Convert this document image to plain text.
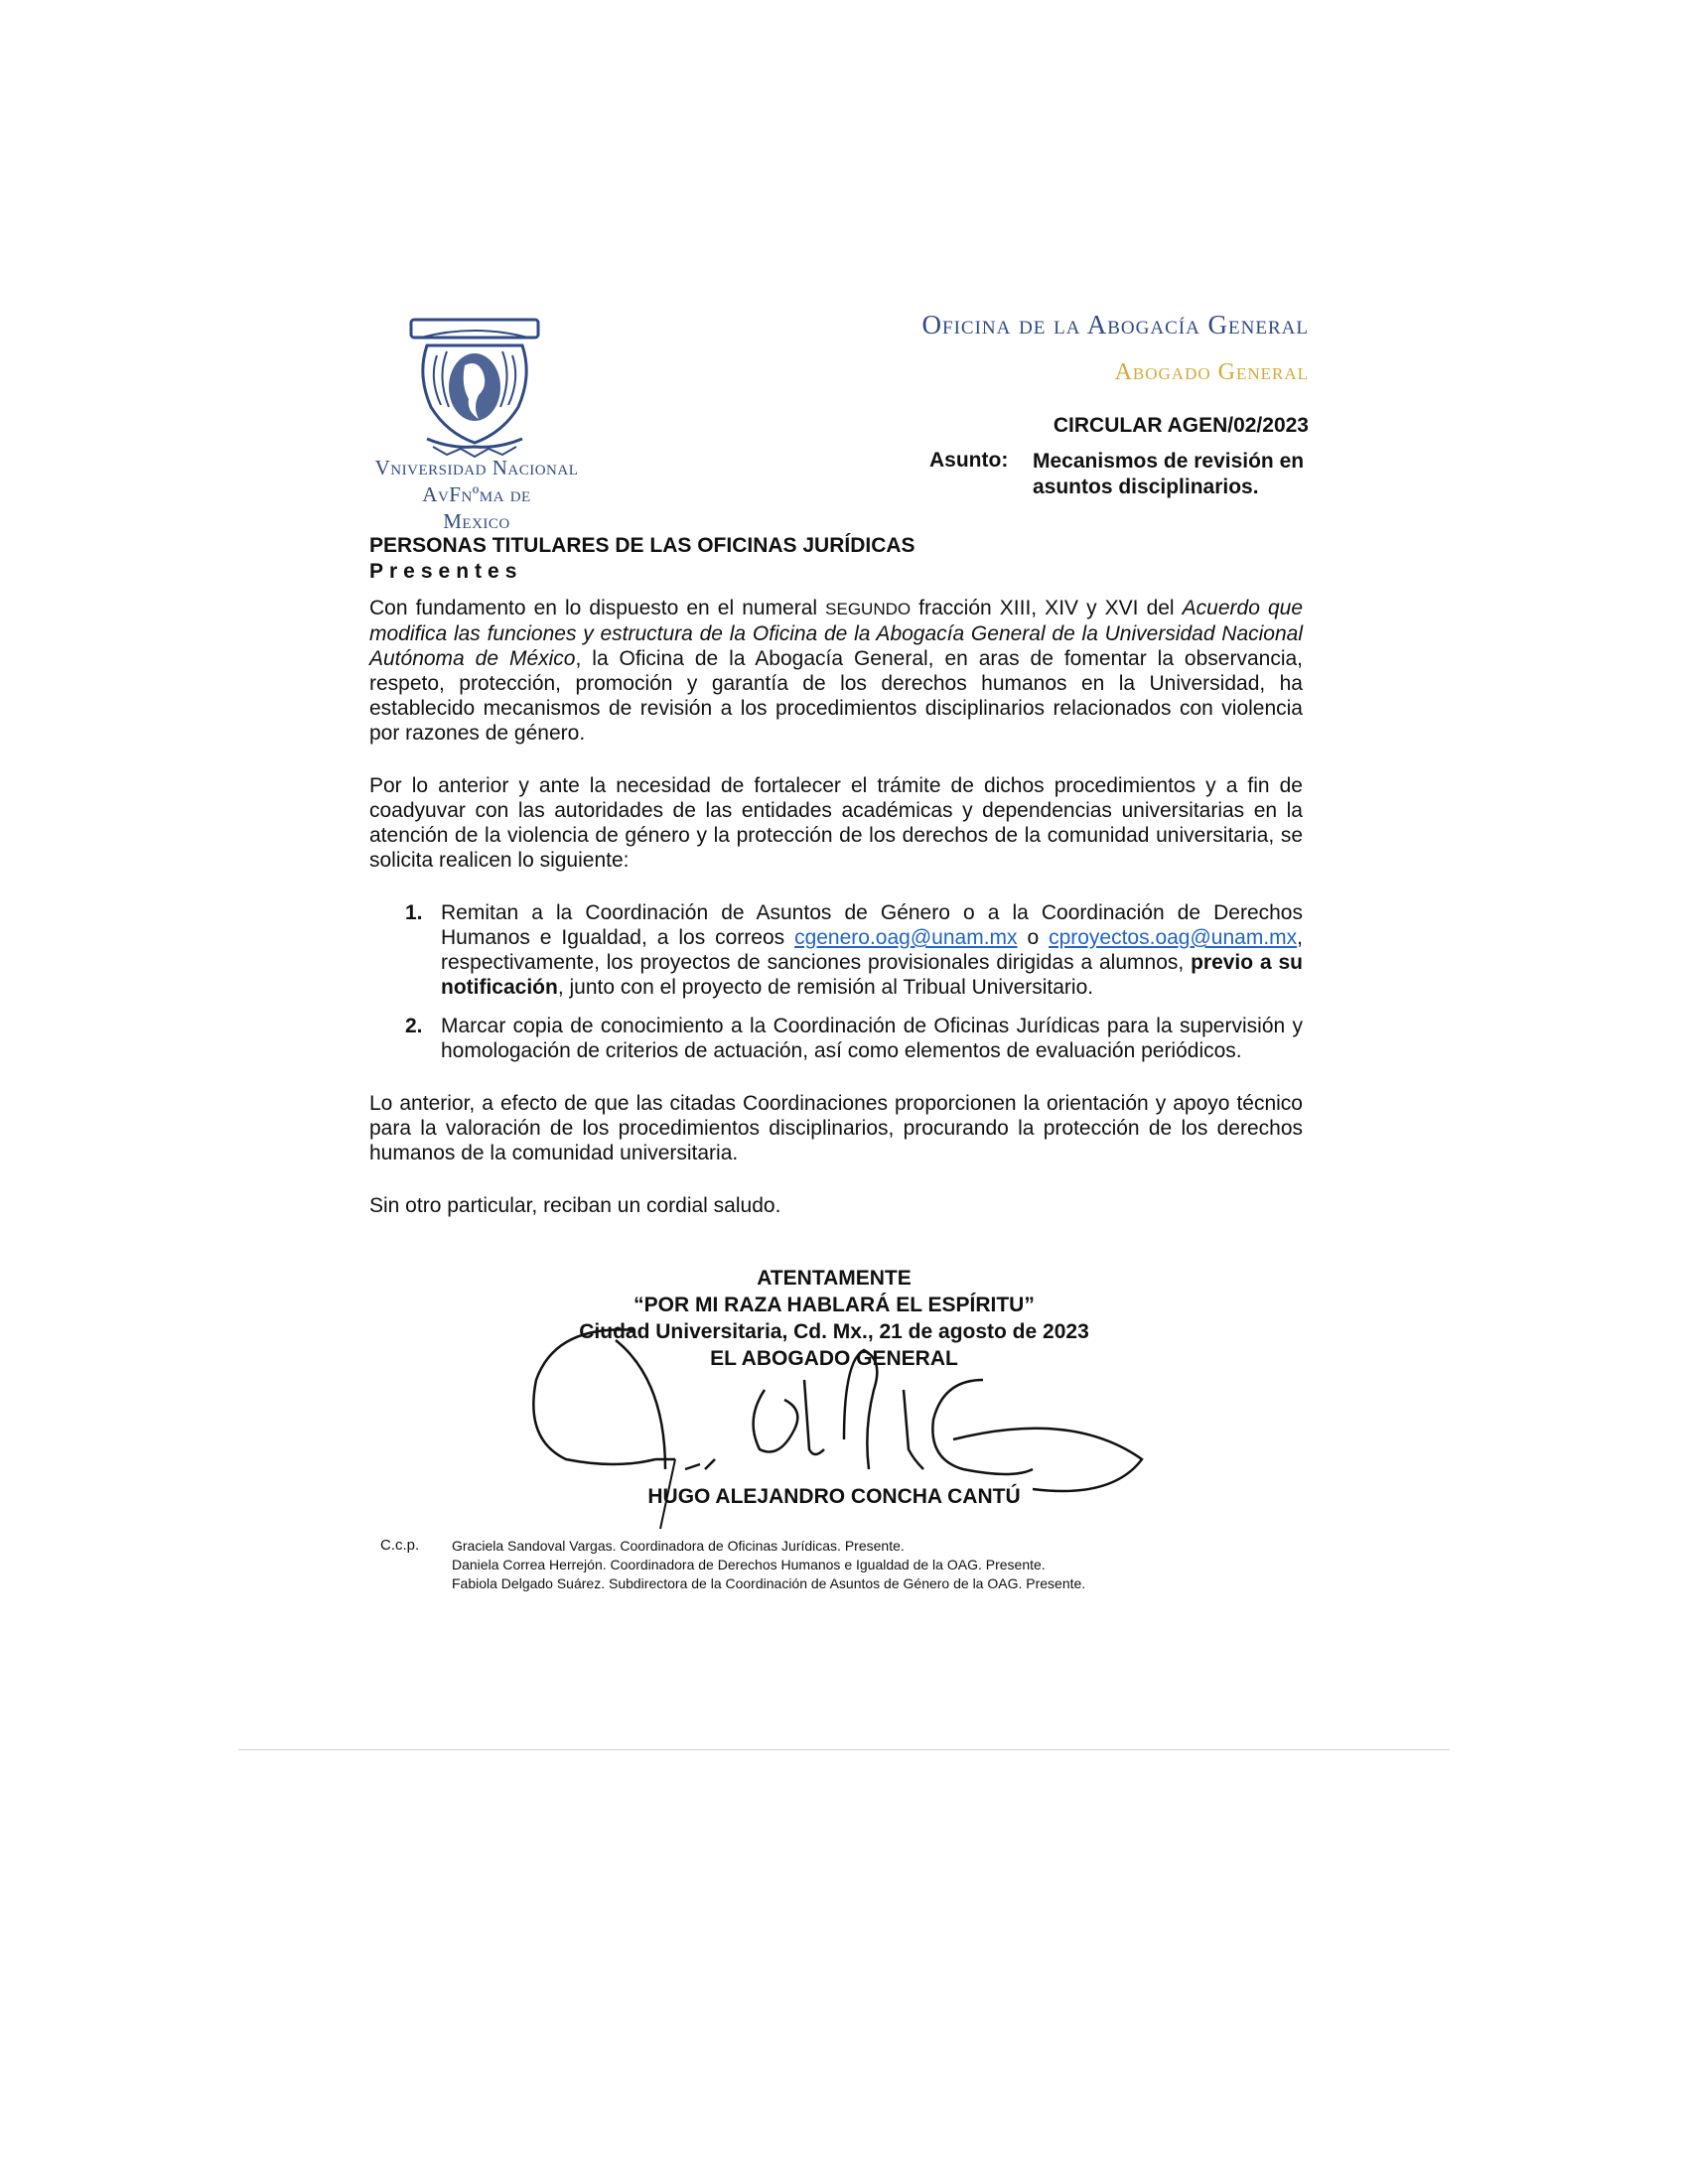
Vniversidad Nacional
AvFnºma de
Mexico
Oficina de la Abogacía General
Abogado General
CIRCULAR AGEN/02/2023
Asunto: Mecanismos de revisión en asuntos disciplinarios.
PERSONAS TITULARES DE LAS OFICINAS JURÍDICAS
Presentes

Con fundamento en lo dispuesto en el numeral SEGUNDO fracción XIII, XIV y XVI del Acuerdo que modifica las funciones y estructura de la Oficina de la Abogacía General de la Universidad Nacional Autónoma de México, la Oficina de la Abogacía General, en aras de fomentar la observancia, respeto, protección, promoción y garantía de los derechos humanos en la Universidad, ha establecido mecanismos de revisión a los procedimientos disciplinarios relacionados con violencia por razones de género.

Por lo anterior y ante la necesidad de fortalecer el trámite de dichos procedimientos y a fin de coadyuvar con las autoridades de las entidades académicas y dependencias universitarias en la atención de la violencia de género y la protección de los derechos de la comunidad universitaria, se solicita realicen lo siguiente:

1. Remitan a la Coordinación de Asuntos de Género o a la Coordinación de Derechos Humanos e Igualdad, a los correos cgenero.oag@unam.mx o cproyectos.oag@unam.mx, respectivamente, los proyectos de sanciones provisionales dirigidas a alumnos, previo a su notificación, junto con el proyecto de remisión al Tribual Universitario.
2. Marcar copia de conocimiento a la Coordinación de Oficinas Jurídicas para la supervisión y homologación de criterios de actuación, así como elementos de evaluación periódicos.

Lo anterior, a efecto de que las citadas Coordinaciones proporcionen la orientación y apoyo técnico para la valoración de los procedimientos disciplinarios, procurando la protección de los derechos humanos de la comunidad universitaria.

Sin otro particular, reciban un cordial saludo.

ATENTAMENTE
“POR MI RAZA HABLARÁ EL ESPÍRITU”
Ciudad Universitaria, Cd. Mx., 21 de agosto de 2023
EL ABOGADO GENERAL
HUGO ALEJANDRO CONCHA CANTÚ
C.c.p. Graciela Sandoval Vargas. Coordinadora de Oficinas Jurídicas. Presente.
Daniela Correa Herrejón. Coordinadora de Derechos Humanos e Igualdad de la OAG. Presente.
Fabiola Delgado Suárez. Subdirectora de la Coordinación de Asuntos de Género de la OAG. Presente.
